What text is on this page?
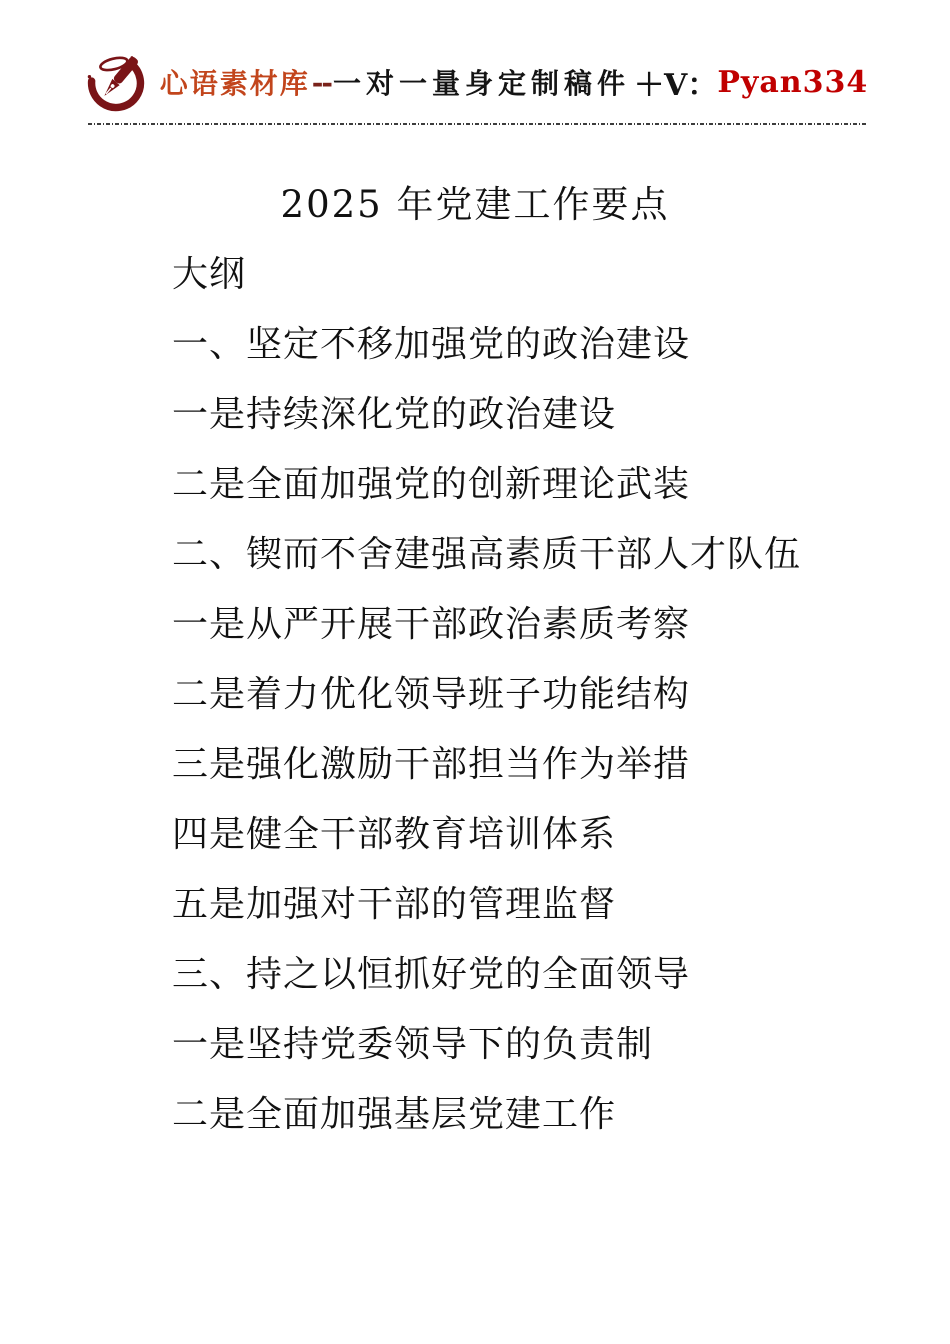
心语素材库 -- 一对一量身定制稿件 ＋V： Pyan334
2025 年党建工作要点

大纲

一、坚定不移加强党的政治建设

一是持续深化党的政治建设

二是全面加强党的创新理论武装

二、锲而不舍建强高素质干部人才队伍

一是从严开展干部政治素质考察

二是着力优化领导班子功能结构

三是强化激励干部担当作为举措

四是健全干部教育培训体系

五是加强对干部的管理监督

三、持之以恒抓好党的全面领导

一是坚持党委领导下的负责制

二是全面加强基层党建工作
